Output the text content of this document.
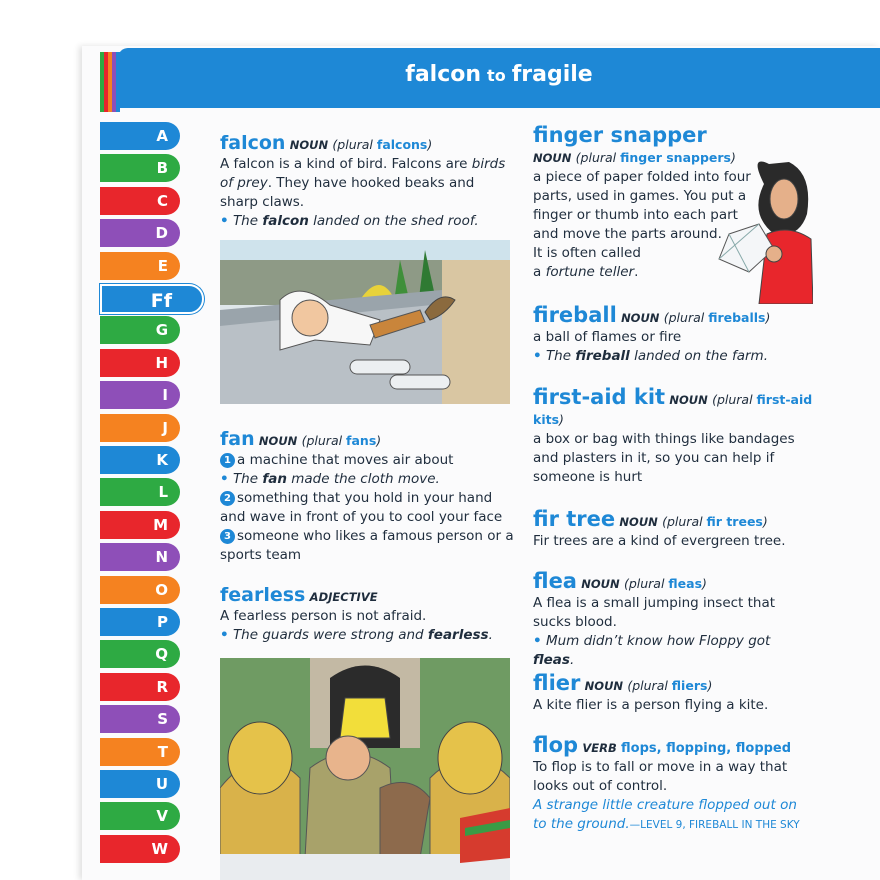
falcon to fragile
A
B
C
D
E
Ff
G
H
I
J
K
L
M
N
O
P
Q
R
S
T
U
V
W
falcon NOUN (plural falcons)
A falcon is a kind of bird. Falcons are birds of prey. They have hooked beaks and sharp claws.
• The falcon landed on the shed roof.
fan NOUN (plural fans)
1 a machine that moves air about
• The fan made the cloth move.
2 something that you hold in your hand and wave in front of you to cool your face
3 someone who likes a famous person or a sports team
fearless ADJECTIVE
A fearless person is not afraid.
• The guards were strong and fearless.
finger snapper
NOUN (plural finger snappers)
a piece of paper folded into four parts, used in games. You put a finger or thumb into each part and move the parts around.
It is often called
a fortune teller.
fireball NOUN (plural fireballs)
a ball of flames or fire
• The fireball landed on the farm.
first-aid kit NOUN (plural first-aid kits)
a box or bag with things like bandages and plasters in it, so you can help if someone is hurt
fir tree NOUN (plural fir trees)
Fir trees are a kind of evergreen tree.
flea NOUN (plural fleas)
A flea is a small jumping insect that sucks blood.
• Mum didn’t know how Floppy got fleas.
flier NOUN (plural fliers)
A kite flier is a person flying a kite.
flop VERB flops, flopping, flopped
To flop is to fall or move in a way that looks out of control.
A strange little creature flopped out on to the ground.—LEVEL 9, FIREBALL IN THE SKY
